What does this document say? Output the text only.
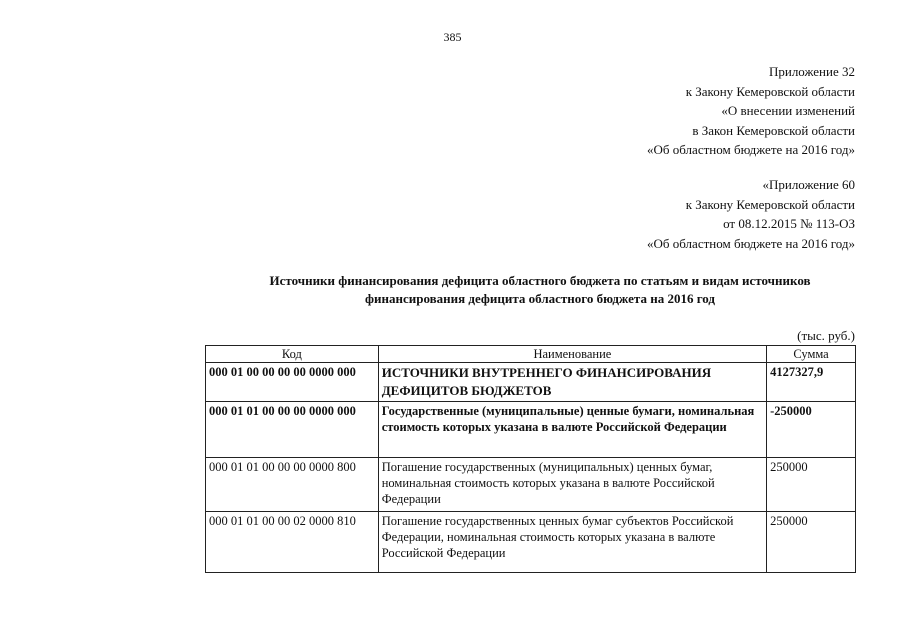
385
Приложение 32
к Закону Кемеровской области
«О внесении изменений
в Закон Кемеровской области
«Об областном бюджете на 2016 год»
«Приложение 60
к Закону Кемеровской области
от 08.12.2015 № 113-ОЗ
«Об областном бюджете на 2016 год»
Источники финансирования дефицита областного бюджета по статьям и видам источников
финансирования дефицита областного бюджета на 2016 год
(тыс. руб.)
Код	Наименование	Сумма
000 01 00 00 00 00 0000 000	ИСТОЧНИКИ ВНУТРЕННЕГО ФИНАНСИРОВАНИЯ ДЕФИЦИТОВ БЮДЖЕТОВ	4127327,9
000 01 01 00 00 00 0000 000	Государственные (муниципальные) ценные бумаги, номинальная стоимость которых указана в валюте Российской Федерации	-250000
000 01 01 00 00 00 0000 800	Погашение государственных (муниципальных) ценных бумаг, номинальная стоимость которых указана в валюте Российской Федерации	250000
000 01 01 00 00 02 0000 810	Погашение государственных ценных бумаг субъектов Российской Федерации, номинальная стоимость которых указана в валюте Российской Федерации	250000
